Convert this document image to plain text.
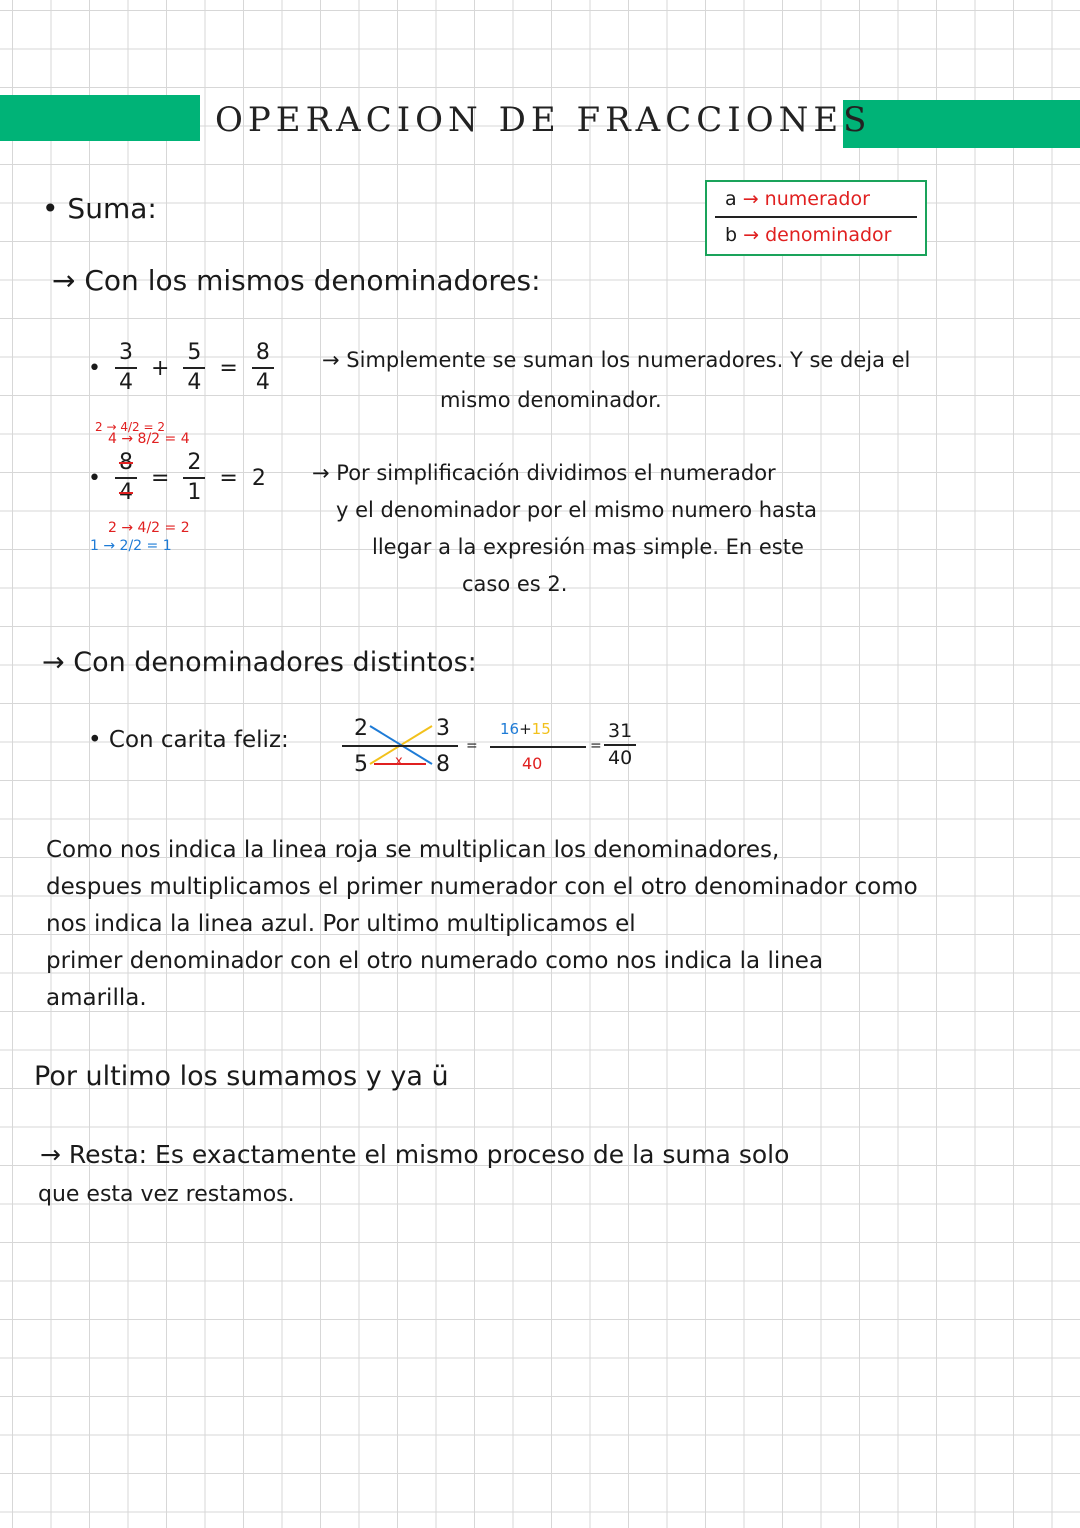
OPERACION DE FRACCIONES
a → numerador
b → denominador
• Suma:
→ Con los mismos denominadores:
• $\frac{3}{4} + \frac{5}{4} = \frac{8}{4}$ → Simplemente se suman los numeradores. Y se deja el
mismo denominador.
2 → 4/2 = 2
4 → 8/2 = 4
• $\frac{8}{4} = \frac{2}{1} = 2$
2 → 4/2 = 2
1 → 2/2 = 1
→ Por simplificación dividimos el numerador
y el denominador por el mismo numero hasta
llegar a la expresión mas simple. En este
caso es 2.
→ Con denominadores distintos:
• Con carita feliz:	2
5 x
3
8
=
16+15
40
= $\frac{31}{40}$
Como nos indica la linea roja se multiplican los denominadores,
despues multiplicamos el primer numerador con el otro denominador como
nos indica la linea azul. Por ultimo multiplicamos el
primer denominador con el otro numerado como nos indica la linea
amarilla.
Por ultimo los sumamos y ya ü
→ Resta: Es exactamente el mismo proceso de la suma solo
que esta vez restamos.
